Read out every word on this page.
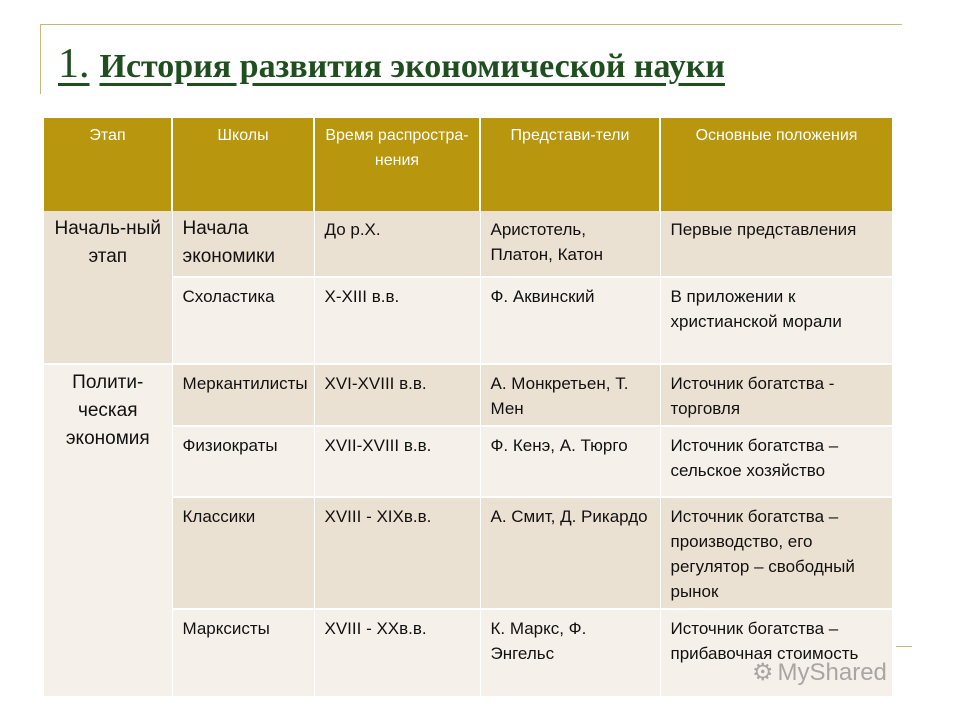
1. История развития экономической науки
Этап	Школы	Время распростра-нения	Представи-тели	Основные положения
Началь-ный этап	Начала экономики	До р.Х.	Аристотель, Платон, Катон	Первые представления
	Схоластика	X-XIII в.в.	Ф. Аквинский	В приложении к христианской морали
Полити-ческая экономия	Меркантилисты	XVI-XVIII в.в.	А. Монкретьен, Т. Мен	Источник богатства - торговля
	Физиократы	XVII-XVIII в.в.	Ф. Кенэ, А. Тюрго	Источник богатства – сельское хозяйство
	Классики	XVIII - XIXв.в.	А. Смит, Д. Рикардо	Источник богатства – производство, его регулятор – свободный рынок
	Марксисты	XVIII - XXв.в.	К. Маркс, Ф. Энгельс	Источник богатства – прибавочная стоимость
⚙ MyShared
